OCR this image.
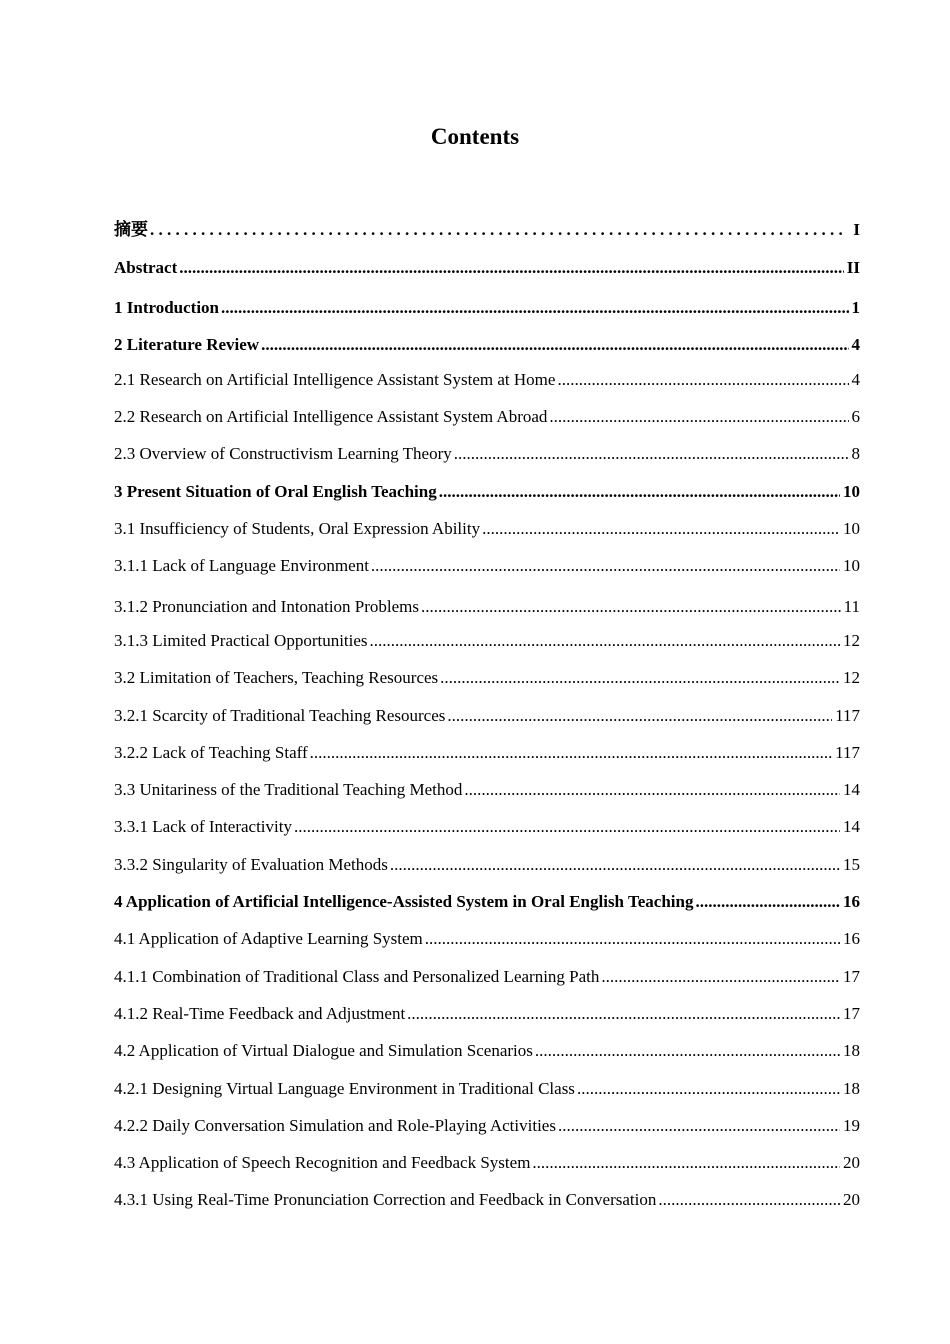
Contents
摘要 . . .	I
Abstract .....	II
1 Introduction .....	1
2 Literature Review .....	4
2.1 Research on Artificial Intelligence Assistant System at Home .....	4
2.2 Research on Artificial Intelligence Assistant System Abroad .....	6
2.3 Overview of Constructivism Learning Theory .....	8
3 Present Situation of Oral English Teaching .....	10
3.1 Insufficiency of Students, Oral Expression Ability .....	10
3.1.1 Lack of Language Environment .....	10
3.1.2 Pronunciation and Intonation Problems .....	11
3.1.3 Limited Practical Opportunities .....	12
3.2 Limitation of Teachers, Teaching Resources .....	12
3.2.1 Scarcity of Traditional Teaching Resources .....	117
3.2.2 Lack of Teaching Staff .....	117
3.3 Unitariness of the Traditional Teaching Method .....	14
3.3.1 Lack of Interactivity .....	14
3.3.2 Singularity of Evaluation Methods .....	15
4 Application of Artificial Intelligence-Assisted System in Oral English Teaching .....	16
4.1 Application of Adaptive Learning System .....	16
4.1.1 Combination of Traditional Class and Personalized Learning Path .....	17
4.1.2 Real-Time Feedback and Adjustment .....	17
4.2 Application of Virtual Dialogue and Simulation Scenarios .....	18
4.2.1 Designing Virtual Language Environment in Traditional Class .....	18
4.2.2 Daily Conversation Simulation and Role-Playing Activities .....	19
4.3 Application of Speech Recognition and Feedback System .....	20
4.3.1 Using Real-Time Pronunciation Correction and Feedback in Conversation .....	20
